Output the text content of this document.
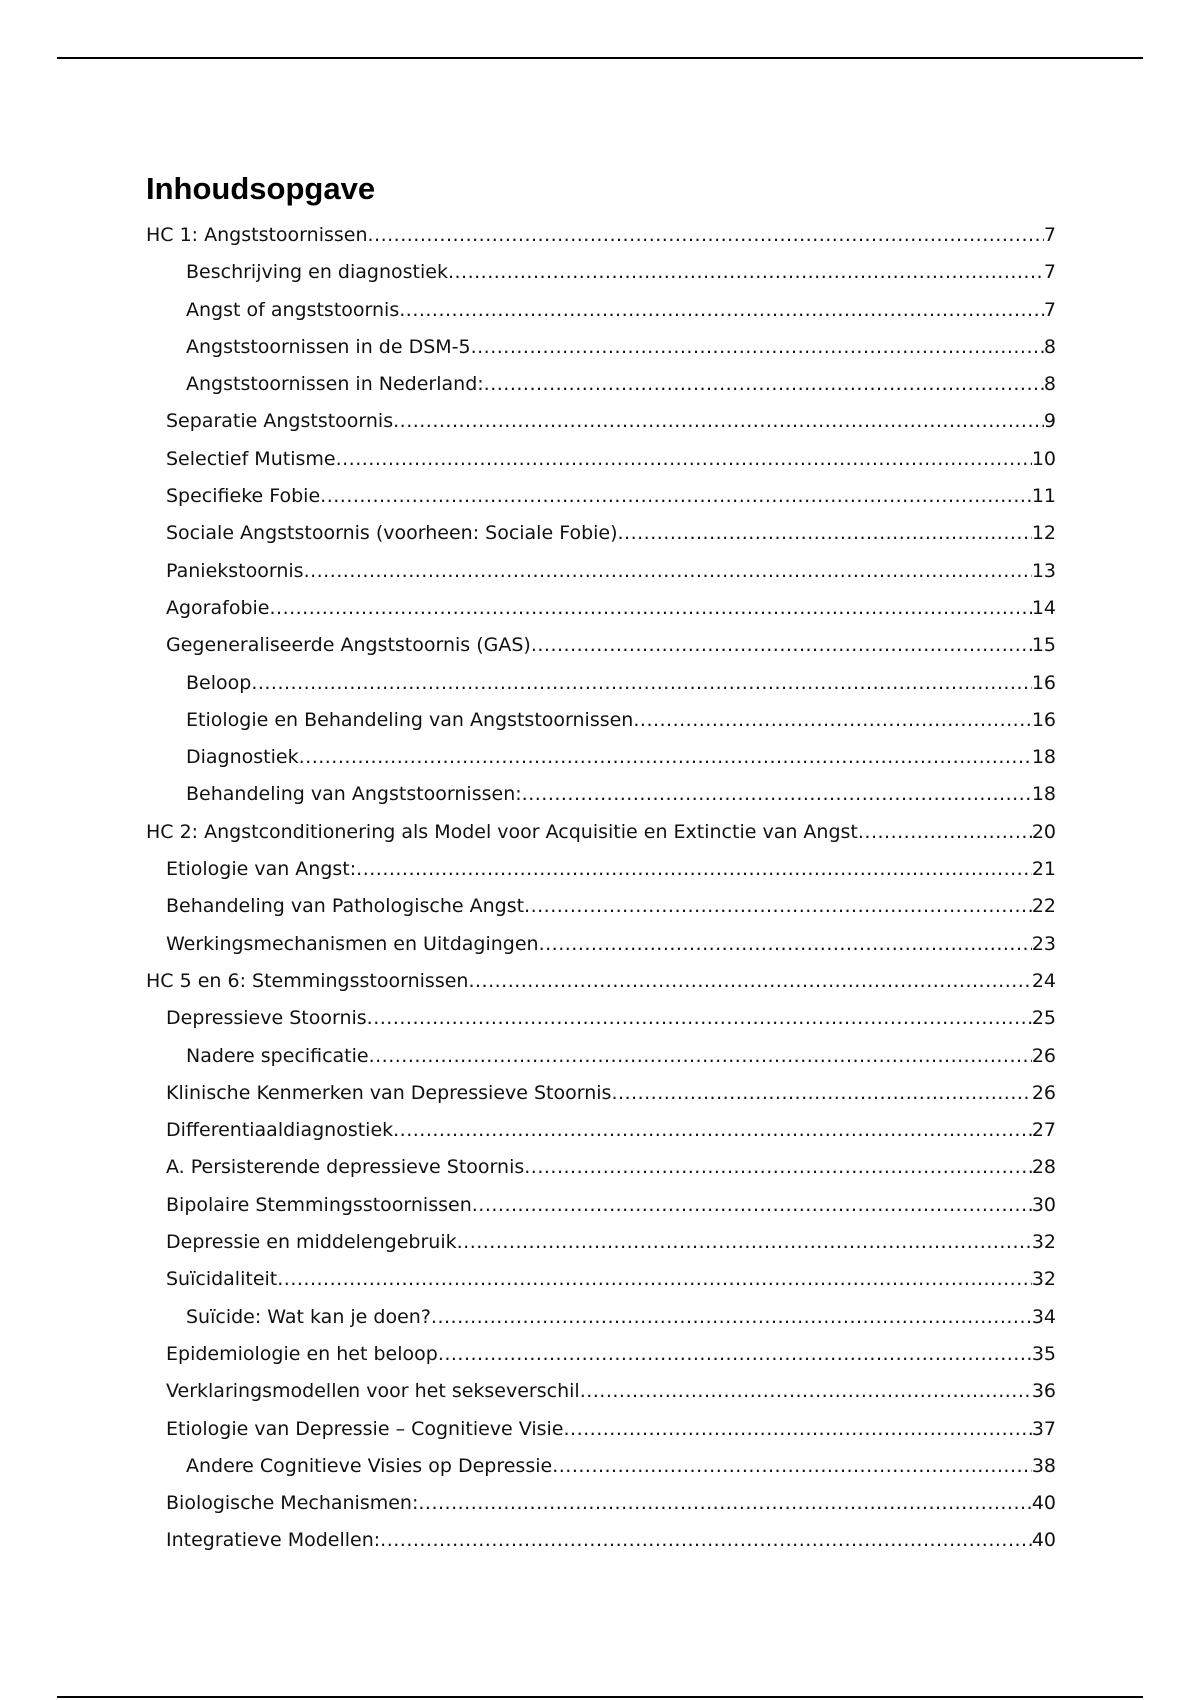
Inhoudsopgave
HC 1: Angststoornissen .....	7
Beschrijving en diagnostiek .....	7
Angst of angststoornis .....	7
Angststoornissen in de DSM-5 .....	8
Angststoornissen in Nederland: .....	8
Separatie Angststoornis .....	9
Selectief Mutisme .....	10
Specifieke Fobie .....	11
Sociale Angststoornis (voorheen: Sociale Fobie) .....	12
Paniekstoornis .....	13
Agorafobie .....	14
Gegeneraliseerde Angststoornis (GAS) .....	15
Beloop .....	16
Etiologie en Behandeling van Angststoornissen .....	16
Diagnostiek .....	18
Behandeling van Angststoornissen: .....	18
HC 2: Angstconditionering als Model voor Acquisitie en Extinctie van Angst .....	20
Etiologie van Angst: .....	21
Behandeling van Pathologische Angst .....	22
Werkingsmechanismen en Uitdagingen .....	23
HC 5 en 6: Stemmingsstoornissen .....	24
Depressieve Stoornis .....	25
Nadere specificatie .....	26
Klinische Kenmerken van Depressieve Stoornis .....	26
Differentiaaldiagnostiek .....	27
A. Persisterende depressieve Stoornis .....	28
Bipolaire Stemmingsstoornissen .....	30
Depressie en middelengebruik .....	32
Suïcidaliteit .....	32
Suïcide: Wat kan je doen? .....	34
Epidemiologie en het beloop .....	35
Verklaringsmodellen voor het sekseverschil .....	36
Etiologie van Depressie – Cognitieve Visie .....	37
Andere Cognitieve Visies op Depressie .....	38
Biologische Mechanismen: .....	40
Integratieve Modellen: .....	40
